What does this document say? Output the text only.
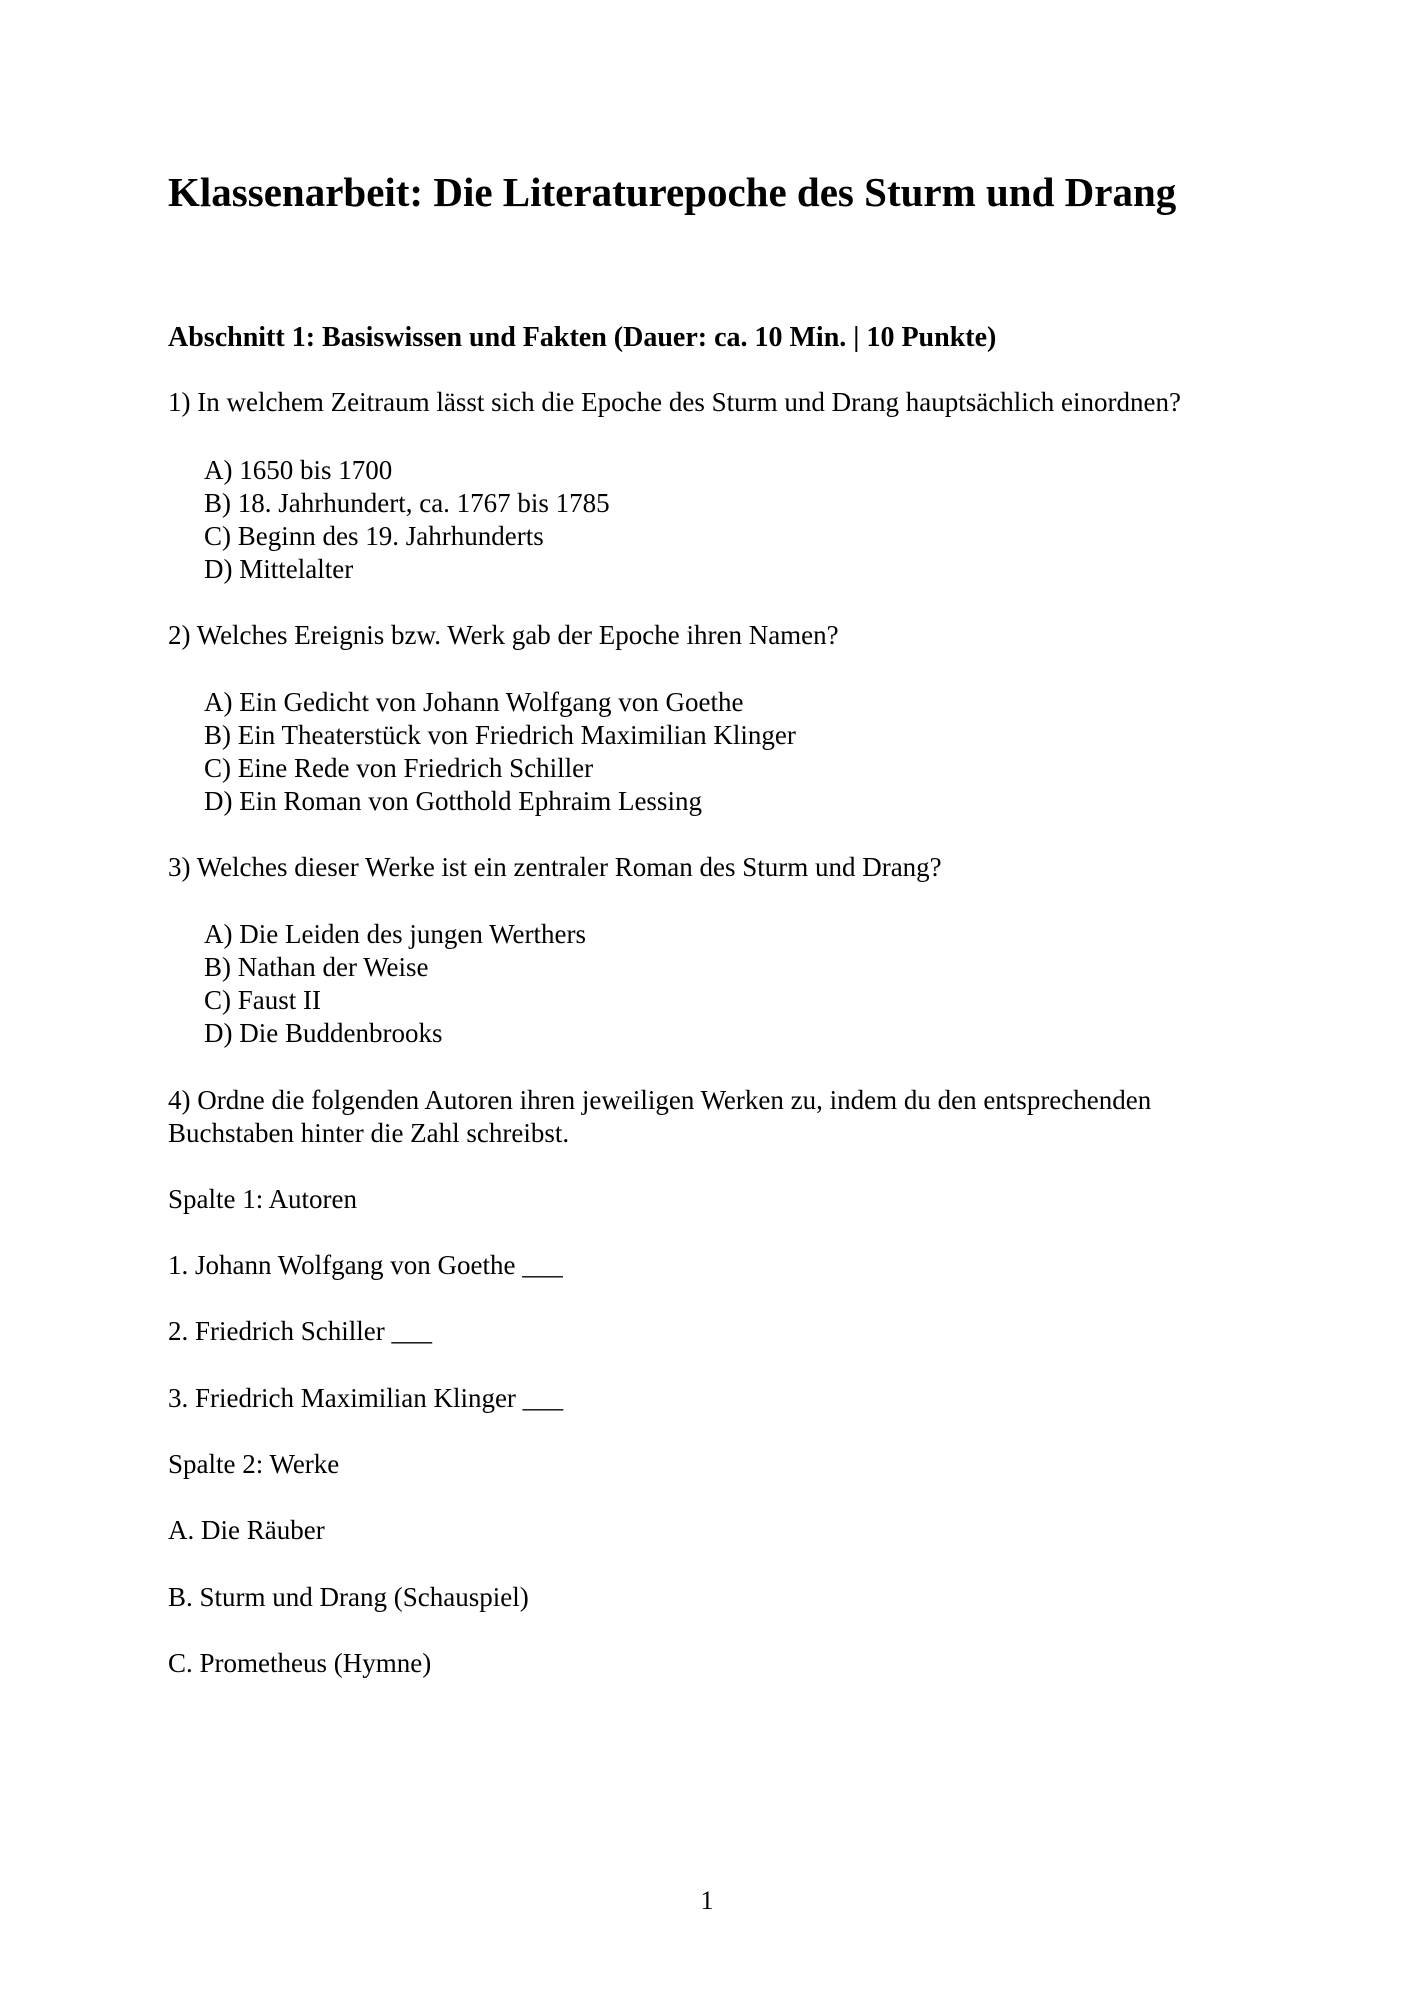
Klassenarbeit: Die Literaturepoche des Sturm und Drang
Abschnitt 1: Basiswissen und Fakten (Dauer: ca. 10 Min. | 10 Punkte)

1) In welchem Zeitraum lässt sich die Epoche des Sturm und Drang hauptsächlich einordnen?

A) 1650 bis 1700

B) 18. Jahrhundert, ca. 1767 bis 1785

C) Beginn des 19. Jahrhunderts

D) Mittelalter

2) Welches Ereignis bzw. Werk gab der Epoche ihren Namen?

A) Ein Gedicht von Johann Wolfgang von Goethe

B) Ein Theaterstück von Friedrich Maximilian Klinger

C) Eine Rede von Friedrich Schiller

D) Ein Roman von Gotthold Ephraim Lessing

3) Welches dieser Werke ist ein zentraler Roman des Sturm und Drang?

A) Die Leiden des jungen Werthers

B) Nathan der Weise

C) Faust II

D) Die Buddenbrooks

4) Ordne die folgenden Autoren ihren jeweiligen Werken zu, indem du den entsprechenden

Buchstaben hinter die Zahl schreibst.

Spalte 1: Autoren

1. Johann Wolfgang von Goethe ___

2. Friedrich Schiller ___

3. Friedrich Maximilian Klinger ___

Spalte 2: Werke

A. Die Räuber

B. Sturm und Drang (Schauspiel)

C. Prometheus (Hymne)

1
